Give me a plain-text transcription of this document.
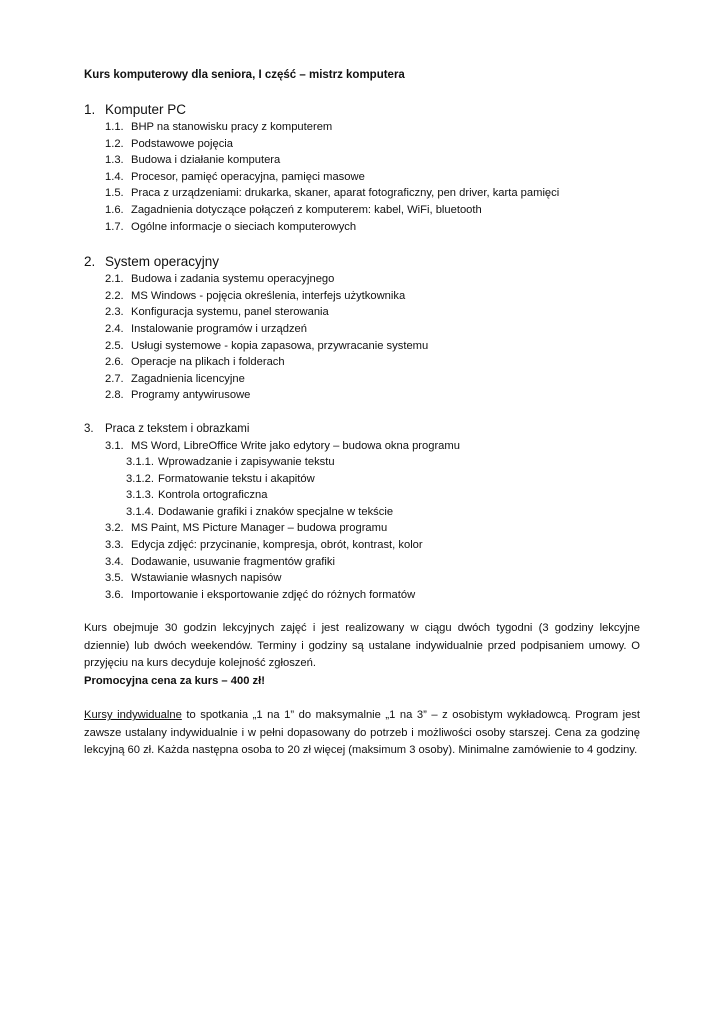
Kurs komputerowy dla seniora, I część – mistrz komputera
1. Komputer PC
1.1. BHP na stanowisku pracy z komputerem
1.2. Podstawowe pojęcia
1.3. Budowa i działanie komputera
1.4. Procesor, pamięć operacyjna, pamięci masowe
1.5. Praca z urządzeniami: drukarka, skaner, aparat fotograficzny, pen driver, karta pamięci
1.6. Zagadnienia dotyczące połączeń z komputerem: kabel, WiFi, bluetooth
1.7. Ogólne informacje o sieciach komputerowych
2. System operacyjny
2.1. Budowa i zadania systemu operacyjnego
2.2. MS Windows - pojęcia określenia, interfejs użytkownika
2.3. Konfiguracja systemu, panel sterowania
2.4. Instalowanie programów i urządzeń
2.5. Usługi systemowe - kopia zapasowa, przywracanie systemu
2.6. Operacje na plikach i folderach
2.7. Zagadnienia licencyjne
2.8. Programy antywirusowe
3. Praca z tekstem i obrazkami
3.1. MS Word, LibreOffice Write jako edytory – budowa okna programu
3.1.1. Wprowadzanie i zapisywanie tekstu
3.1.2. Formatowanie tekstu i akapitów
3.1.3. Kontrola ortograficzna
3.1.4. Dodawanie grafiki i znaków specjalne w tekście
3.2. MS Paint, MS Picture Manager – budowa programu
3.3. Edycja zdjęć: przycinanie, kompresja, obrót, kontrast, kolor
3.4. Dodawanie, usuwanie fragmentów grafiki
3.5. Wstawianie własnych napisów
3.6. Importowanie i eksportowanie zdjęć do różnych formatów

Kurs obejmuje 30 godzin lekcyjnych zajęć i jest realizowany w ciągu dwóch tygodni (3 godziny lekcyjne dziennie) lub dwóch weekendów. Terminy i godziny są ustalane indywidualnie przed podpisaniem umowy. O przyjęciu na kurs decyduje kolejność zgłoszeń.

Promocyjna cena za kurs – 400 zł!

Kursy indywidualne to spotkania „1 na 1” do maksymalnie „1 na 3” – z osobistym wykładowcą. Program jest zawsze ustalany indywidualnie i w pełni dopasowany do potrzeb i możliwości osoby starszej. Cena za godzinę lekcyjną 60 zł. Każda następna osoba to 20 zł więcej (maksimum 3 osoby). Minimalne zamówienie to 4 godziny.
